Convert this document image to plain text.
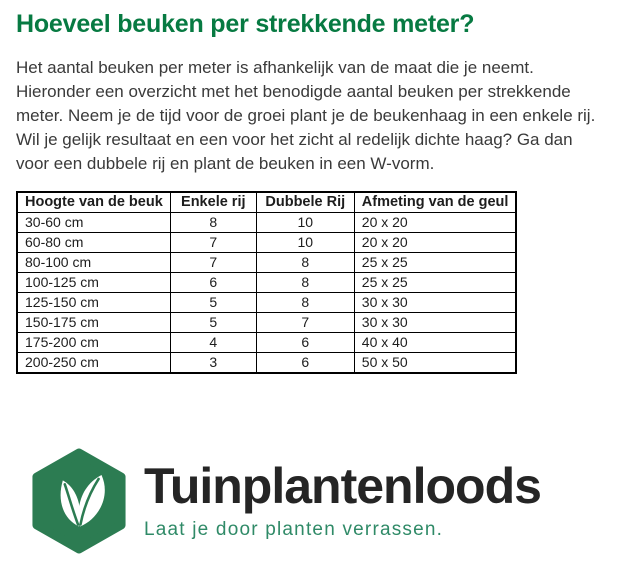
Hoeveel beuken per strekkende meter?

Het aantal beuken per meter is afhankelijk van de maat die je neemt. Hieronder een overzicht met het benodigde aantal beuken per strekkende meter. Neem je de tijd voor de groei plant je de beukenhaag in een enkele rij. Wil je gelijk resultaat en een voor het zicht al redelijk dichte haag? Ga dan voor een dubbele rij en plant de beuken in een W-vorm.

Hoogte van de beuk	Enkele rij	Dubbele Rij	Afmeting van de geul
30-60 cm	8	10	20 x 20
60-80 cm	7	10	20 x 20
80-100 cm	7	8	25 x 25
100-125 cm	6	8	25 x 25
125-150 cm	5	8	30 x 30
150-175 cm	5	7	30 x 30
175-200 cm	4	6	40 x 40
200-250 cm	3	6	50 x 50
Tuinplantenloods
Laat je door planten verrassen.
